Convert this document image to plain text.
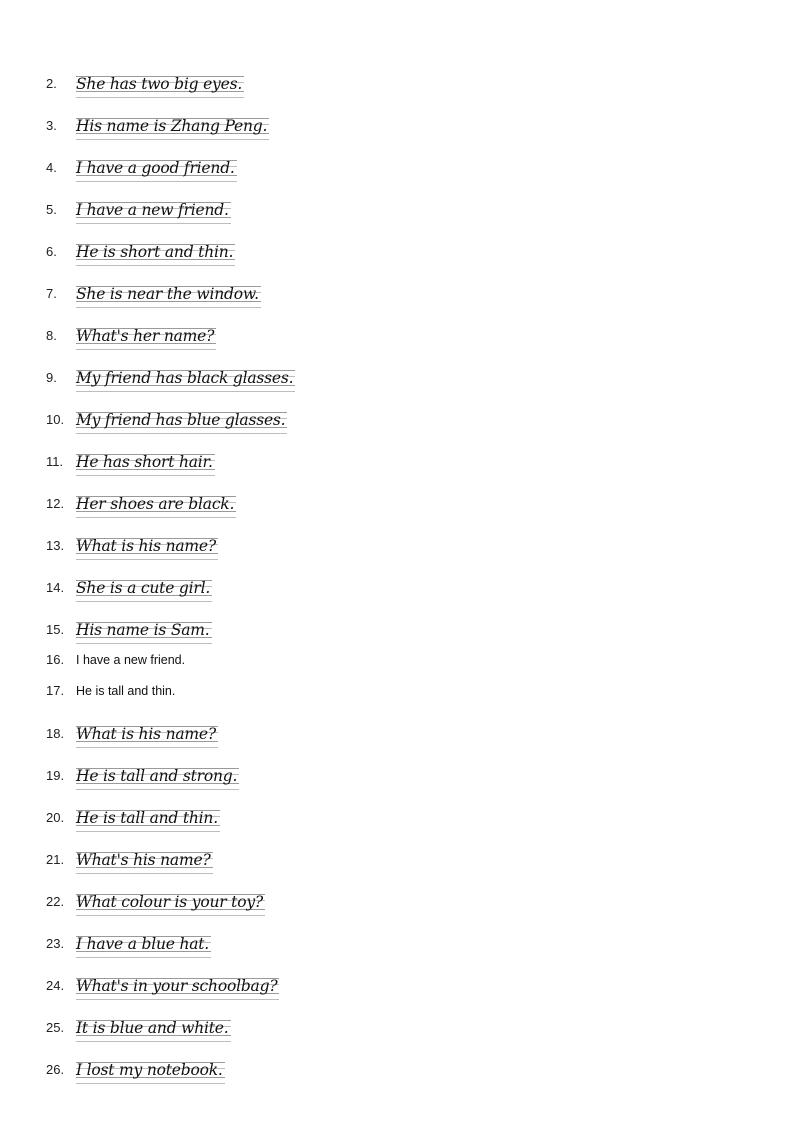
2.	She has two big eyes.
3.	His name is Zhang Peng.
4.	I have a good friend.
5.	I have a new friend.
6.	He is short and thin.
7.	She is near the window.
8.	What's her name?
9.	My friend has black glasses.
10. My friend has blue glasses.
11. He has short hair.
12. Her shoes are black.
13. What is his name?
14. She is a cute girl.
15. His name is Sam.
16. I have a new friend.
17. He is tall and thin.
18. What is his name?
19. He is tall and strong.
20. He is tall and thin.
21. What's his name?
22. What colour is your toy?
23. I have a blue hat.
24. What's in your schoolbag?
25. It is blue and white.
26. I lost my notebook.
